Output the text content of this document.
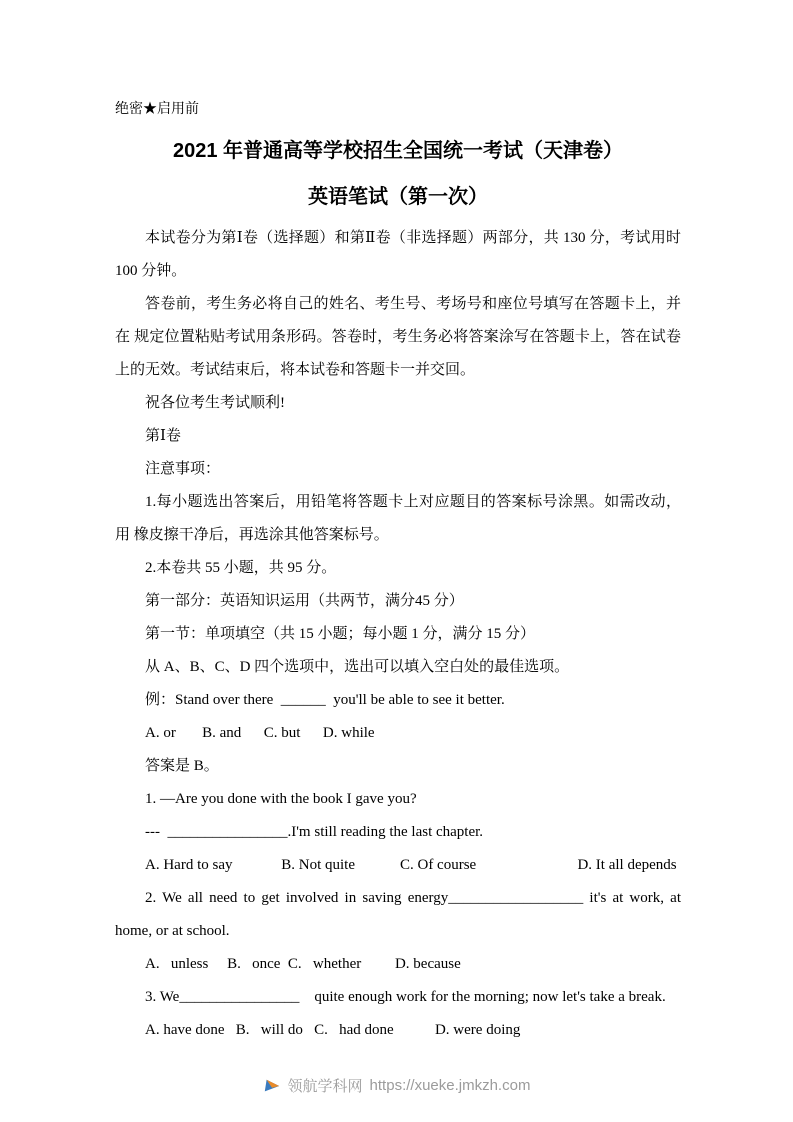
绝密★启用前
2021 年普通高等学校招生全国统一考试（天津卷）
英语笔试（第一次）

本试卷分为第Ⅰ卷（选择题）和第Ⅱ卷（非选择题）两部分，共 130 分，考试用时 100 分钟。

答卷前，考生务必将自己的姓名、考生号、考场号和座位号填写在答题卡上，并在 规定位置粘贴考试用条形码。答卷时，考生务必将答案涂写在答题卡上，答在试卷上的无效。考试结束后，将本试卷和答题卡一并交回。

祝各位考生考试顺利!

第Ⅰ卷

注意事项：

1.每小题选出答案后，用铅笔将答题卡上对应题目的答案标号涂黑。如需改动，用 橡皮擦干净后，再选涂其他答案标号。

2.本卷共 55 小题，共 95 分。

第一部分：英语知识运用（共两节，满分45 分）

第一节：单项填空（共 15 小题；每小题 1 分，满分 15 分）

从 A、B、C、D 四个选项中，选出可以填入空白处的最佳选项。

例：Stand over there  ______  you'll be able to see it better.

A. or       B. and      C. but      D. while

答案是 B。

1. —Are you done with the book I gave you?

---  ________________.I'm still reading the last chapter.

A. Hard to say             B. Not quite            C. Of course                           D. It all depends

2. We all need to get involved in saving energy__________________ it's at work, at home, or at school.

A.   unless     B.   once  C.   whether         D. because

3. We________________    quite enough work for the morning; now let's take a break.

A. have done   B.   will do   C.   had done           D. were doing

领航学科网 https://xueke.jmkzh.com
